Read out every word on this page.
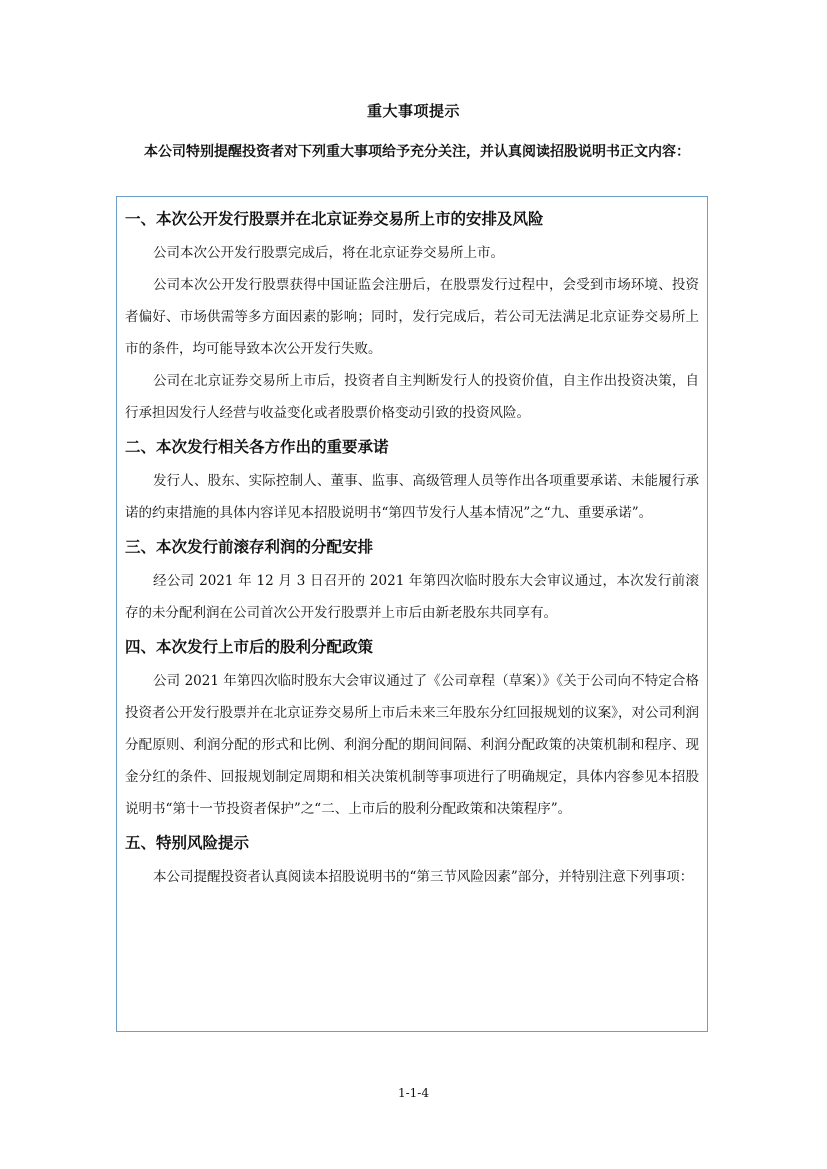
重大事项提示
本公司特别提醒投资者对下列重大事项给予充分关注，并认真阅读招股说明书正文内容：
一、本次公开发行股票并在北京证券交易所上市的安排及风险

公司本次公开发行股票完成后，将在北京证券交易所上市。

公司本次公开发行股票获得中国证监会注册后，在股票发行过程中，会受到市场环境、投资者偏好、市场供需等多方面因素的影响；同时，发行完成后，若公司无法满足北京证券交易所上市的条件，均可能导致本次公开发行失败。

公司在北京证券交易所上市后，投资者自主判断发行人的投资价值，自主作出投资决策，自行承担因发行人经营与收益变化或者股票价格变动引致的投资风险。

二、本次发行相关各方作出的重要承诺

发行人、股东、实际控制人、董事、监事、高级管理人员等作出各项重要承诺、未能履行承诺的约束措施的具体内容详见本招股说明书“第四节发行人基本情况”之“九、重要承诺”。

三、本次发行前滚存利润的分配安排

经公司 2021 年 12 月 3 日召开的 2021 年第四次临时股东大会审议通过，本次发行前滚存的未分配利润在公司首次公开发行股票并上市后由新老股东共同享有。

四、本次发行上市后的股利分配政策

公司 2021 年第四次临时股东大会审议通过了《公司章程（草案）》《关于公司向不特定合格投资者公开发行股票并在北京证券交易所上市后未来三年股东分红回报规划的议案》，对公司利润分配原则、利润分配的形式和比例、利润分配的期间间隔、利润分配政策的决策机制和程序、现金分红的条件、回报规划制定周期和相关决策机制等事项进行了明确规定，具体内容参见本招股说明书“第十一节投资者保护”之“二、上市后的股利分配政策和决策程序”。

五、特别风险提示

本公司提醒投资者认真阅读本招股说明书的“第三节风险因素”部分，并特别注意下列事项：

1-1-4
